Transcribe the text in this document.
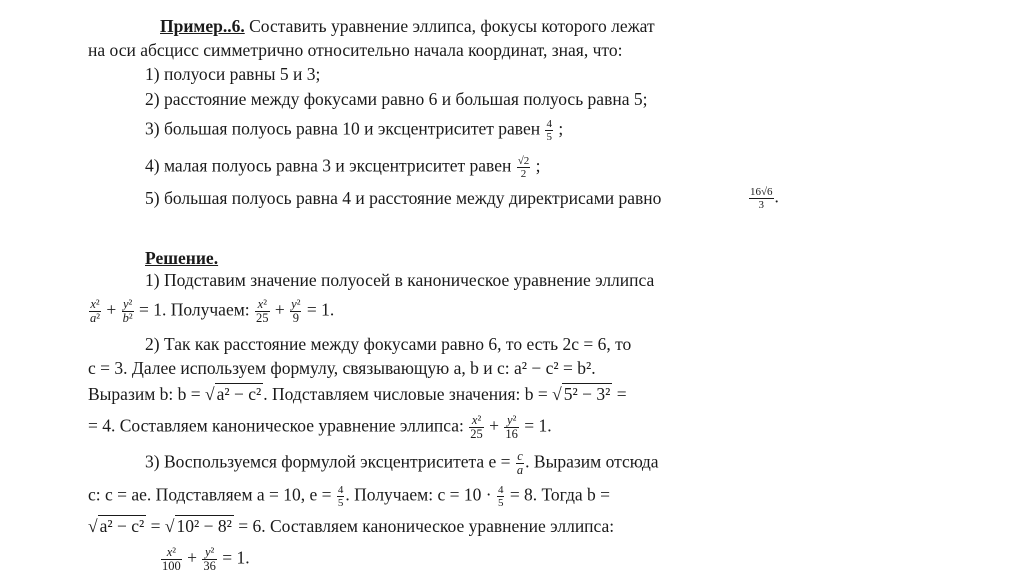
Пример..6. Составить уравнение эллипса, фокусы которого лежат
на оси абсцисс симметрично относительно начала координат, зная, что:
1) полуоси равны 5 и 3;
2) расстояние между фокусами равно 6 и большая полуось равна 5;
3) большая полуось равна 10 и эксцентриситет равен $\frac{4}{5}$ ;
4) малая полуось равна 3 и эксцентриситет равен $\frac{√2}{2}$ ;
5) большая полуось равна 4 и расстояние между директрисами равно	$\frac{16√6}{3}$ .
Решение.
1) Подставим значение полуосей в каноническое уравнение эллипса
$\frac{\text{x²}}{\text{a²}} + \frac{\text{y²}}{\text{b²}} = 1$. Получаем: $\frac{\text{x²}}{25} + \frac{\text{y²}}{9} = 1$.
2) Так как расстояние между фокусами равно 6, то есть 2c = 6, то
c = 3. Далее используем формулу, связывающую a, b и c: a² − c² = b².
Выразим b: b = √ a² − c² . Подставляем числовые значения: b = √ 5² − 3² =
= 4. Составляем каноническое уравнение эллипса: $\frac{\text{x²}}{25} + \frac{\text{y²}}{16} = 1$.
3) Воспользуемся формулой эксцентриситета $e = \frac{c}{a}$ . Выразим отсюда
c: c = ae. Подставляем a = 10, $e = \frac{4}{5}$ . Получаем: $c = 10 \cdot \frac{4}{5} = 8$. Тогда b =
√ a² − c² = √ 10² − 8² = 6. Составляем каноническое уравнение эллипса:
$\frac{\text{x²}}{100} + \frac{\text{y²}}{36} = 1$.
